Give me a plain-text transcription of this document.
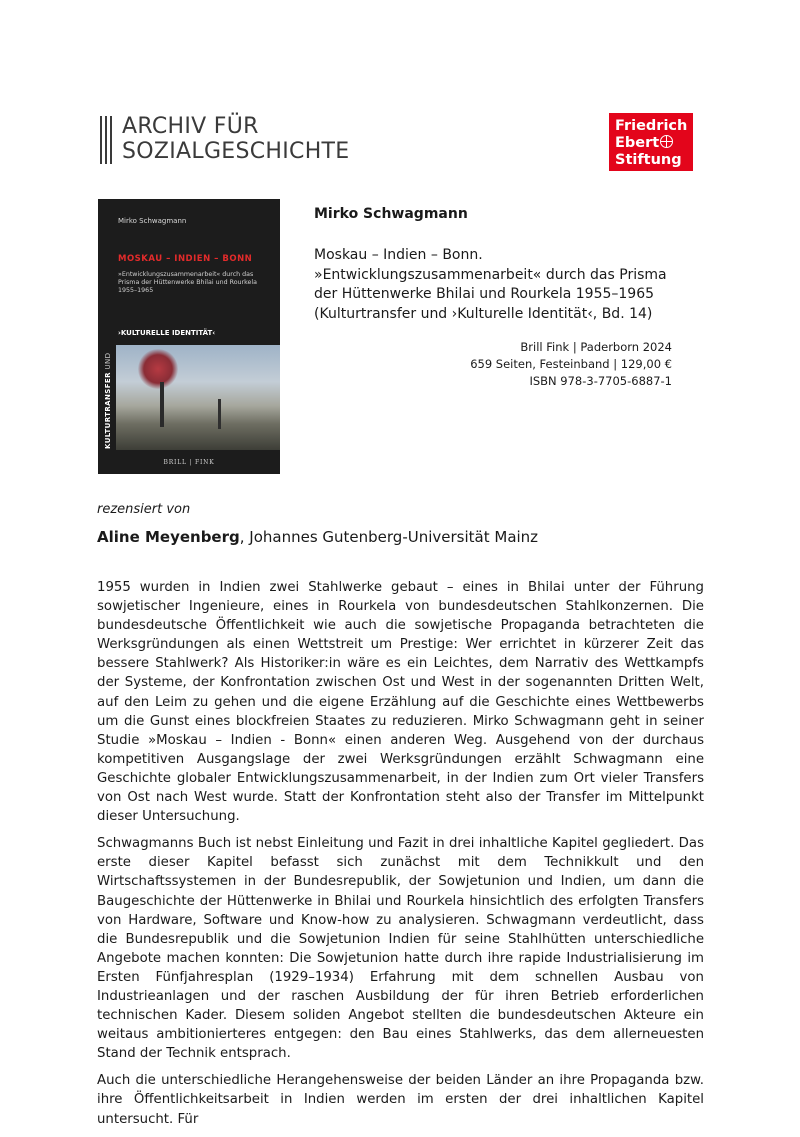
ARCHIV FÜR
SOZIALGESCHICHTE
Friedrich
Ebert
Stiftung
Mirko Schwagmann
MOSKAU – INDIEN – BONN
»Entwicklungszusammenarbeit« durch das Prisma der Hüttenwerke Bhilai und Rourkela 1955–1965
›KULTURELLE IDENTITÄT‹
KULTURTRANSFER UND
BRILL | FINK
Mirko Schwagmann
Moskau – Indien – Bonn.
»Entwicklungszusammenarbeit« durch das Prisma
der Hüttenwerke Bhilai und Rourkela 1955–1965
(Kulturtransfer und ›Kulturelle Identität‹, Bd. 14)
Brill Fink | Paderborn 2024
659 Seiten, Festeinband | 129,00 €
ISBN 978-3-7705-6887-1
rezensiert von
Aline Meyenberg, Johannes Gutenberg-Universität Mainz

1955 wurden in Indien zwei Stahlwerke gebaut – eines in Bhilai unter der Führung sowjetischer Ingenieure, eines in Rourkela von bundesdeutschen Stahlkonzernen. Die bundesdeutsche Öffentlichkeit wie auch die sowjetische Propaganda betrachteten die Werksgründungen als einen Wettstreit um Prestige: Wer errichtet in kürzerer Zeit das bessere Stahlwerk? Als Historiker:in wäre es ein Leichtes, dem Narrativ des Wettkampfs der Systeme, der Konfrontation zwischen Ost und West in der sogenannten Dritten Welt, auf den Leim zu gehen und die eigene Erzählung auf die Geschichte eines Wettbewerbs um die Gunst eines blockfreien Staates zu reduzieren. Mirko Schwagmann geht in seiner Studie »Moskau – Indien - Bonn« einen anderen Weg. Ausgehend von der durchaus kompetitiven Ausgangslage der zwei Werksgründungen erzählt Schwagmann eine Geschichte globaler Entwicklungszusammenarbeit, in der Indien zum Ort vieler Transfers von Ost nach West wurde. Statt der Konfrontation steht also der Transfer im Mittelpunkt dieser Untersuchung.

Schwagmanns Buch ist nebst Einleitung und Fazit in drei inhaltliche Kapitel gegliedert. Das erste dieser Kapitel befasst sich zunächst mit dem Technikkult und den Wirtschaftssystemen in der Bundesrepublik, der Sowjetunion und Indien, um dann die Baugeschichte der Hüttenwerke in Bhilai und Rourkela hinsichtlich des erfolgten Transfers von Hardware, Software und Know-how zu analysieren. Schwagmann verdeutlicht, dass die Bundesrepublik und die Sowjetunion Indien für seine Stahlhütten unterschiedliche Angebote machen konnten: Die Sowjetunion hatte durch ihre rapide Industrialisierung im Ersten Fünfjahresplan (1929–1934) Erfahrung mit dem schnellen Ausbau von Industrieanlagen und der raschen Ausbildung der für ihren Betrieb erforderlichen technischen Kader. Diesem soliden Angebot stellten die bundesdeutschen Akteure ein weitaus ambitionierteres entgegen: den Bau eines Stahlwerks, das dem allerneuesten Stand der Technik entsprach.

Auch die unterschiedliche Herangehensweise der beiden Länder an ihre Propaganda bzw. ihre Öffentlichkeitsarbeit in Indien werden im ersten der drei inhaltlichen Kapitel untersucht. Für
